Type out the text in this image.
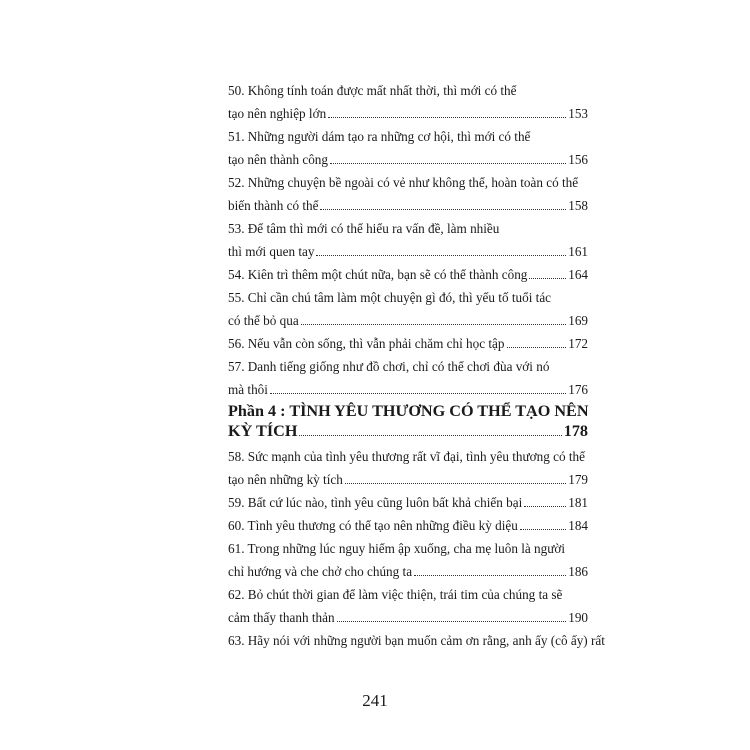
50. Không tính toán được mất nhất thời, thì mới có thể
tạo nên nghiệp lớn	153
51. Những người dám tạo ra những cơ hội, thì mới có thể
tạo nên thành công	156
52. Những chuyện bề ngoài có vẻ như không thể, hoàn toàn có thể
biến thành có thể	158
53. Để tâm thì mới có thể hiểu ra vấn đề, làm nhiều
thì mới quen tay	161
54. Kiên trì thêm một chút nữa, bạn sẽ có thể thành công	164
55. Chỉ cần chú tâm làm một chuyện gì đó, thì yếu tố tuổi tác
có thể bỏ qua	169
56. Nếu vẫn còn sống, thì vẫn phải chăm chỉ học tập	172
57. Danh tiếng giống như đồ chơi, chỉ có thể chơi đùa với nó
mà thôi	176
Phần 4 : TÌNH YÊU THƯƠNG CÓ THỂ TẠO NÊN
KỲ TÍCH	178
58. Sức mạnh của tình yêu thương rất vĩ đại, tình yêu thương có thể
tạo nên những kỳ tích	179
59. Bất cứ lúc nào, tình yêu cũng luôn bất khả chiến bại	181
60. Tình yêu thương có thể tạo nên những điều kỳ diệu	184
61. Trong những lúc nguy hiểm ập xuống, cha mẹ luôn là người
chỉ hướng và che chở cho chúng ta	186
62. Bỏ chút thời gian để làm việc thiện, trái tim của chúng ta sẽ
cảm thấy thanh thản	190
63. Hãy nói với những người bạn muốn cảm ơn rằng, anh ấy (cô ấy) rất
241
